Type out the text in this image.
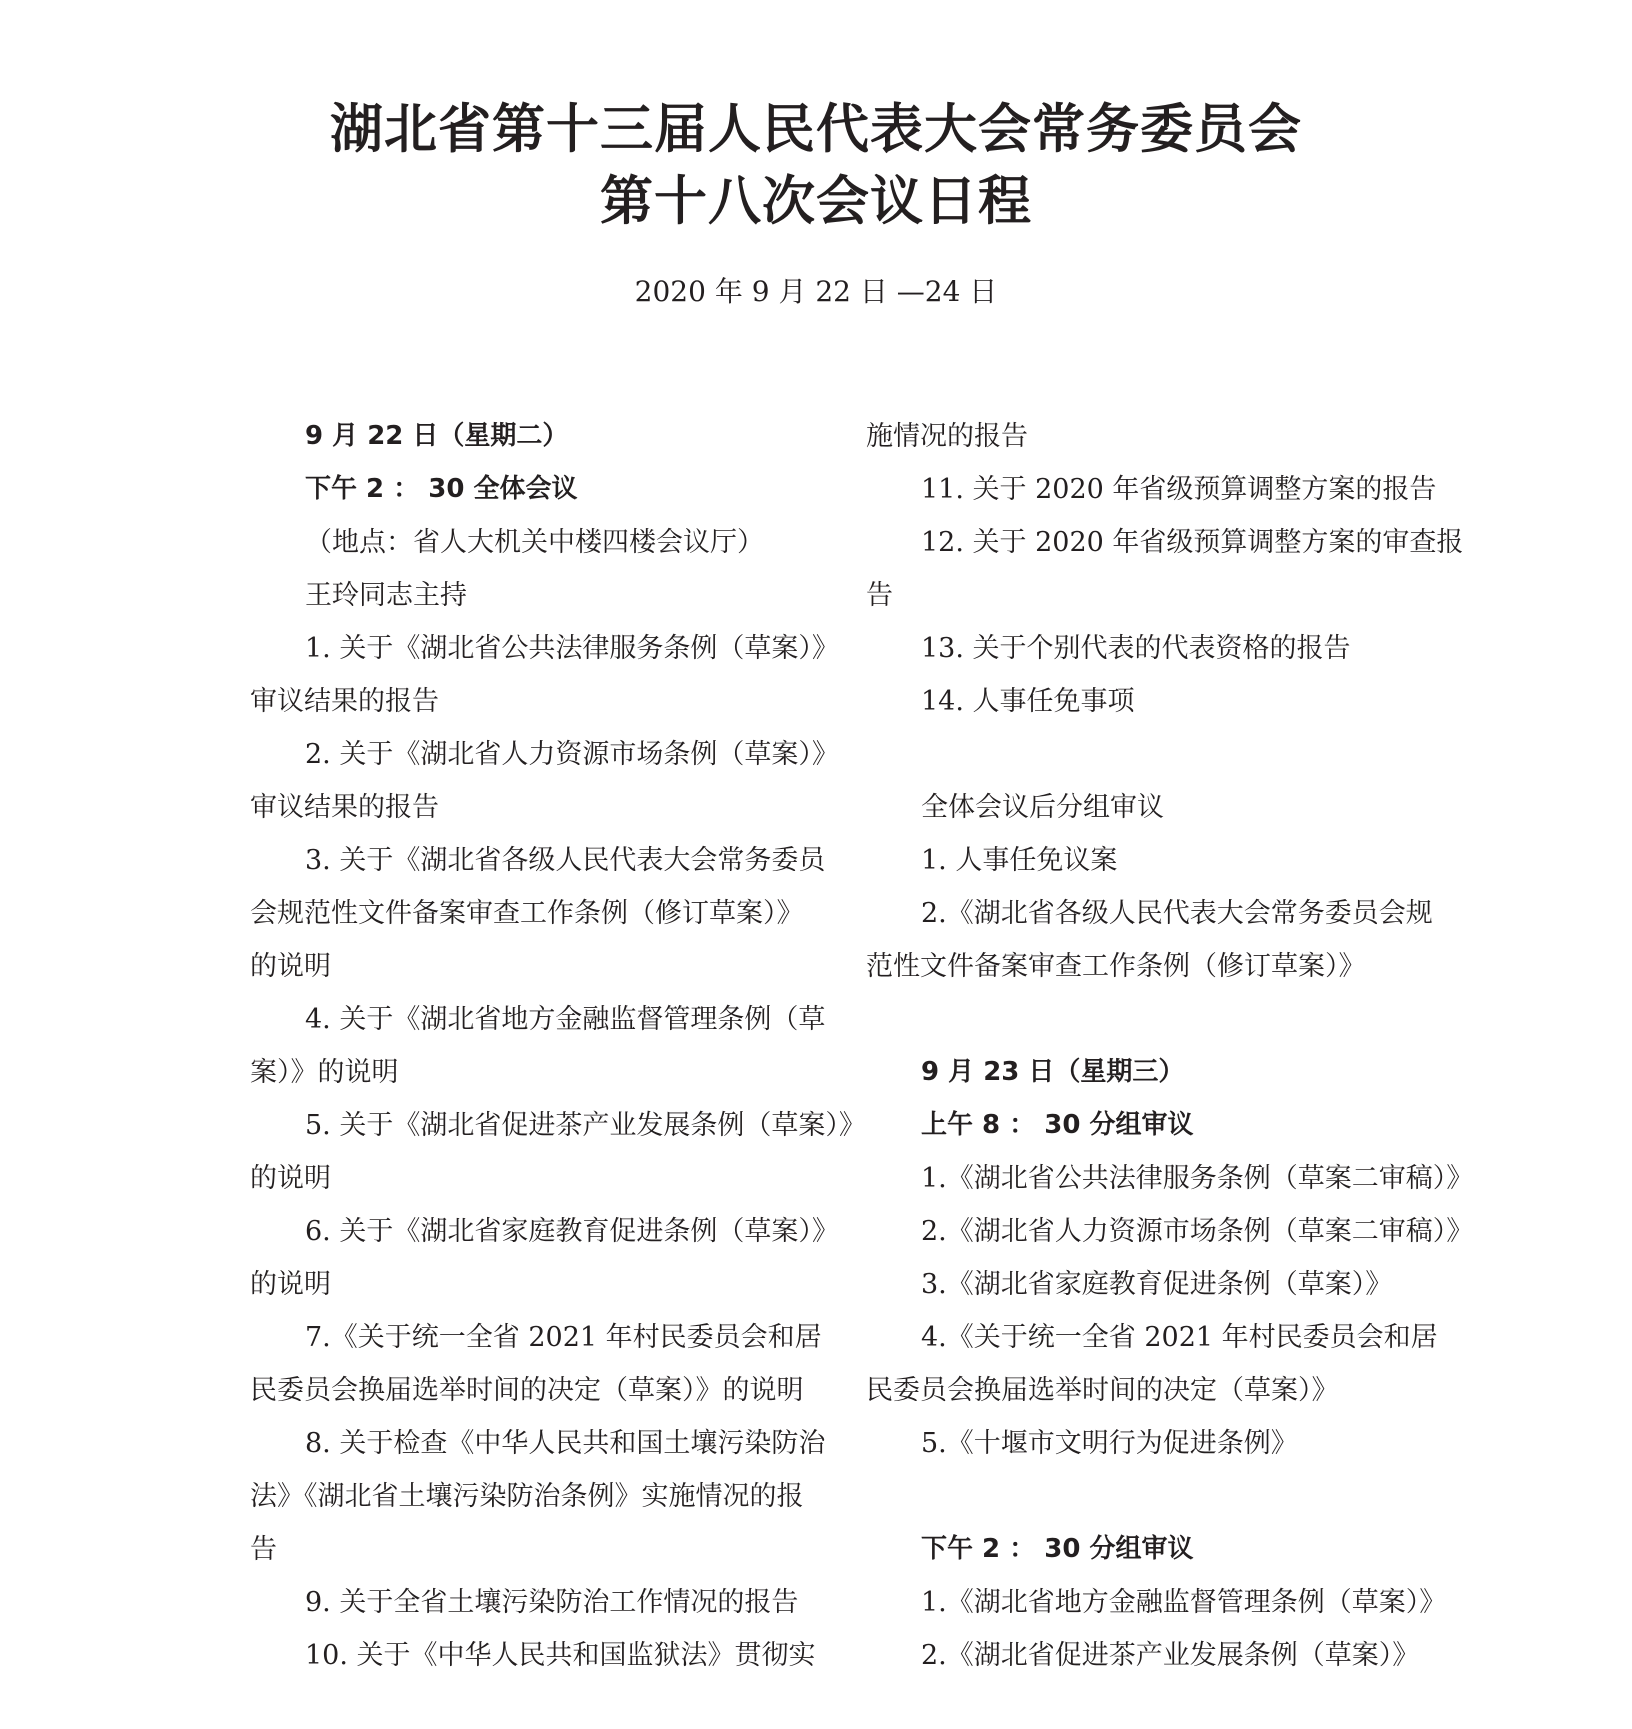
湖北省第十三届人民代表大会常务委员会
第十八次会议日程
2020 年 9 月 22 日 —24 日

9 月 22 日（星期二）

下午 2 ： 30 全体会议

（地点：省人大机关中楼四楼会议厅）

王玲同志主持

1. 关于《湖北省公共法律服务条例（草案）》

审议结果的报告

2. 关于《湖北省人力资源市场条例（草案）》

审议结果的报告

3. 关于《湖北省各级人民代表大会常务委员

会规范性文件备案审查工作条例（修订草案）》

的说明

4. 关于《湖北省地方金融监督管理条例（草

案）》的说明

5. 关于《湖北省促进茶产业发展条例（草案）》

的说明

6. 关于《湖北省家庭教育促进条例（草案）》

的说明

7.《关于统一全省 2021 年村民委员会和居

民委员会换届选举时间的决定（草案）》的说明

8. 关于检查《中华人民共和国土壤污染防治

法》《湖北省土壤污染防治条例》实施情况的报

告

9. 关于全省土壤污染防治工作情况的报告

10. 关于《中华人民共和国监狱法》贯彻实

施情况的报告

11. 关于 2020 年省级预算调整方案的报告

12. 关于 2020 年省级预算调整方案的审查报

告

13. 关于个别代表的代表资格的报告

14. 人事任免事项

全体会议后分组审议

1. 人事任免议案

2.《湖北省各级人民代表大会常务委员会规

范性文件备案审查工作条例（修订草案）》

9 月 23 日（星期三）

上午 8 ： 30 分组审议

1.《湖北省公共法律服务条例（草案二审稿）》

2.《湖北省人力资源市场条例（草案二审稿）》

3.《湖北省家庭教育促进条例（草案）》

4.《关于统一全省 2021 年村民委员会和居

民委员会换届选举时间的决定（草案）》

5.《十堰市文明行为促进条例》

下午 2 ： 30 分组审议

1.《湖北省地方金融监督管理条例（草案）》

2.《湖北省促进茶产业发展条例（草案）》
